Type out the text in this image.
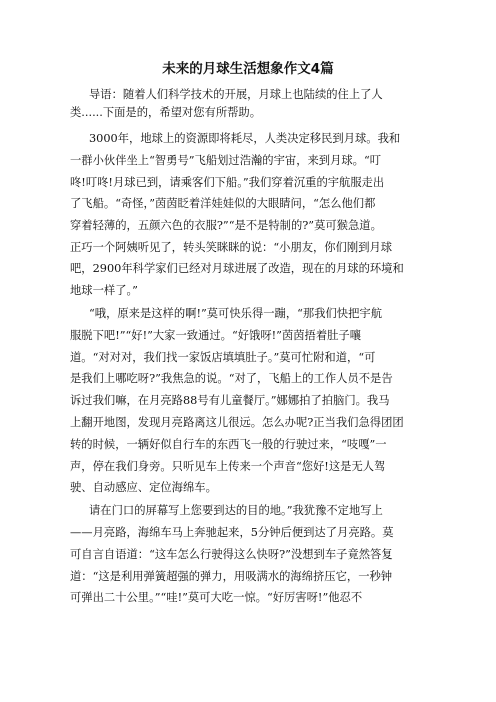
未来的月球生活想象作文4篇
导语：随着人们科学技术的开展，月球上也陆续的住上了人
类......下面是的，希望对您有所帮助。
3000年，地球上的资源即将耗尽，人类决定移民到月球。我和
一群小伙伴坐上“智勇号”飞船划过浩瀚的宇宙，来到月球。“叮
咚!叮咚!月球已到，请乘客们下船。”我们穿着沉重的宇航服走出
了飞船。“奇怪，”茵茵眨着洋娃娃似的大眼睛问，“怎么他们都
穿着轻薄的，五颜六色的衣服?”“是不是特制的?”莫可猴急道。
正巧一个阿姨听见了，转头笑眯眯的说：“小朋友，你们刚到月球
吧，2900年科学家们已经对月球进展了改造，现在的月球的环境和
地球一样了。”
“哦，原来是这样的啊!”莫可快乐得一蹦，“那我们快把宇航
服脱下吧!”“好!”大家一致通过。“好饿呀!”茵茵捂着肚子嚷
道。“对对对，我们找一家饭店填填肚子。”莫可忙附和道，“可
是我们上哪吃呀?”我焦急的说。“对了，飞船上的工作人员不是告
诉过我们嘛，在月亮路88号有儿童餐厅。”娜娜拍了拍脑门。我马
上翻开地图，发现月亮路离这儿很远。怎么办呢?正当我们急得团团
转的时候，一辆好似自行车的东西飞一般的行驶过来，“吱嘎”一
声，停在我们身旁。只听见车上传来一个声音“您好!这是无人驾
驶、自动感应、定位海绵车。
请在门口的屏幕写上您要到达的目的地。”我犹豫不定地写上
——月亮路，海绵车马上奔驰起来，5分钟后便到达了月亮路。莫
可自言自语道：“这车怎么行驶得这么快呀?”没想到车子竟然答复
道：“这是利用弹簧超强的弹力，用吸满水的海绵挤压它，一秒钟
可弹出二十公里。”“哇!”莫可大吃一惊。“好厉害呀!”他忍不
